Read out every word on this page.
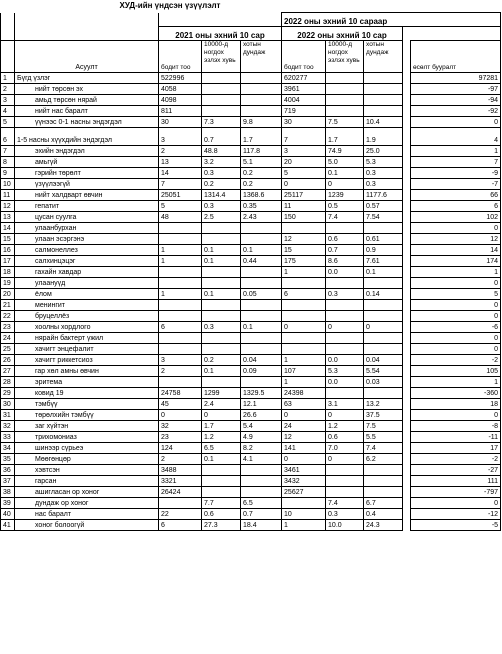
ХУД-ийн үндсэн үзүүлэлт
					2022 оны эхний 10 сараар				
		2021 оны эхний 10 сар			2022 оны эхний 10 сар				
	Асуулт	бодит тоо	10000-д ногдох эзлэх хувь	хотын дундаж	бодит тоо	10000-д ногдох эзлэх хувь	хотын дундаж		өсөлт бууралт
1	Бүгд үзлэг	522996			620277				97281
2	нийт төрсөн эх	4058			3961				-97
3	амьд төрсөн нярай	4098			4004				-94
4	нийт нас баралт	811			719				-92
5	үүнээс 0-1 насны эндэгдэл	30	7.3	9.8	30	7.5	10.4		0
6	1-5 насны хүүхдийн эндэгдэл	3	0.7	1.7	7	1.7	1.9		4
7	эхийн эндэгдэл	2	48.8	117.8	3	74.9	25.0		1
8	амьгүй	13	3.2	5.1	20	5.0	5.3		7
9	гэрийн төрөлт	14	0.3	0.2	5	0.1	0.3		-9
10	үзүүлээгүй	7	0.2	0.2	0	0	0.3		-7
11	нийт халдварт өвчин	25051	1314.4	1368.6	25117	1239	1177.6		66
12	гепатит	5	0.3	0.35	11	0.5	0.57		6
13	цусан суулга	48	2.5	2.43	150	7.4	7.54		102
14	улаанбурхан								0
15	улаан эсэргэнэ				12	0.6	0.61		12
16	салмонеллез	1	0.1	0.1	15	0.7	0.9		14
17	салхинцэцэг	1	0.1	0.44	175	8.6	7.61		174
18	гахайн хавдар				1	0.0	0.1		1
19	улаануүд								0
20	ёлом	1	0.1	0.05	6	0.3	0.14		5
21	менингит								0
22	бруцеллёз								0
23	хоолны хордлого	6	0.3	0.1	0	0	0		-6
24	нярайн бактерт үжил								0
25	хачигт энцефалит								0
26	хачигт риккетсиоз	3	0.2	0.04	1	0.0	0.04		-2
27	гар хөл амны өвчин	2	0.1	0.09	107	5.3	5.54		105
28	эритема				1	0.0	0.03		1
29	ковид 19	24758	1299	1329.5	24398				-360
30	тэмбүү	45	2.4	12.1	63	3.1	13.2		18
31	төрөлхийн тэмбүү	0	0	26.6	0	0	37.5		0
32	заг хүйтэн	32	1.7	5.4	24	1.2	7.5		-8
33	трихомониаз	23	1.2	4.9	12	0.6	5.5		-11
34	шинээр сүрьеэ	124	6.5	8.2	141	7.0	7.4		17
35	Мөөгөнцөр	2	0.1	4.1	0	0	6.2		-2
36	хэвтсэн	3488			3461				-27
37	гарсан	3321			3432				111
38	ашигласан ор хоног	26424			25627				-797
39	дундаж ор хоног		7.7	6.5		7.4	6.7		0
40	нас баралт	22	0.6	0.7	10	0.3	0.4		-12
41	хоног болоогүй	6	27.3	18.4	1	10.0	24.3		-5
